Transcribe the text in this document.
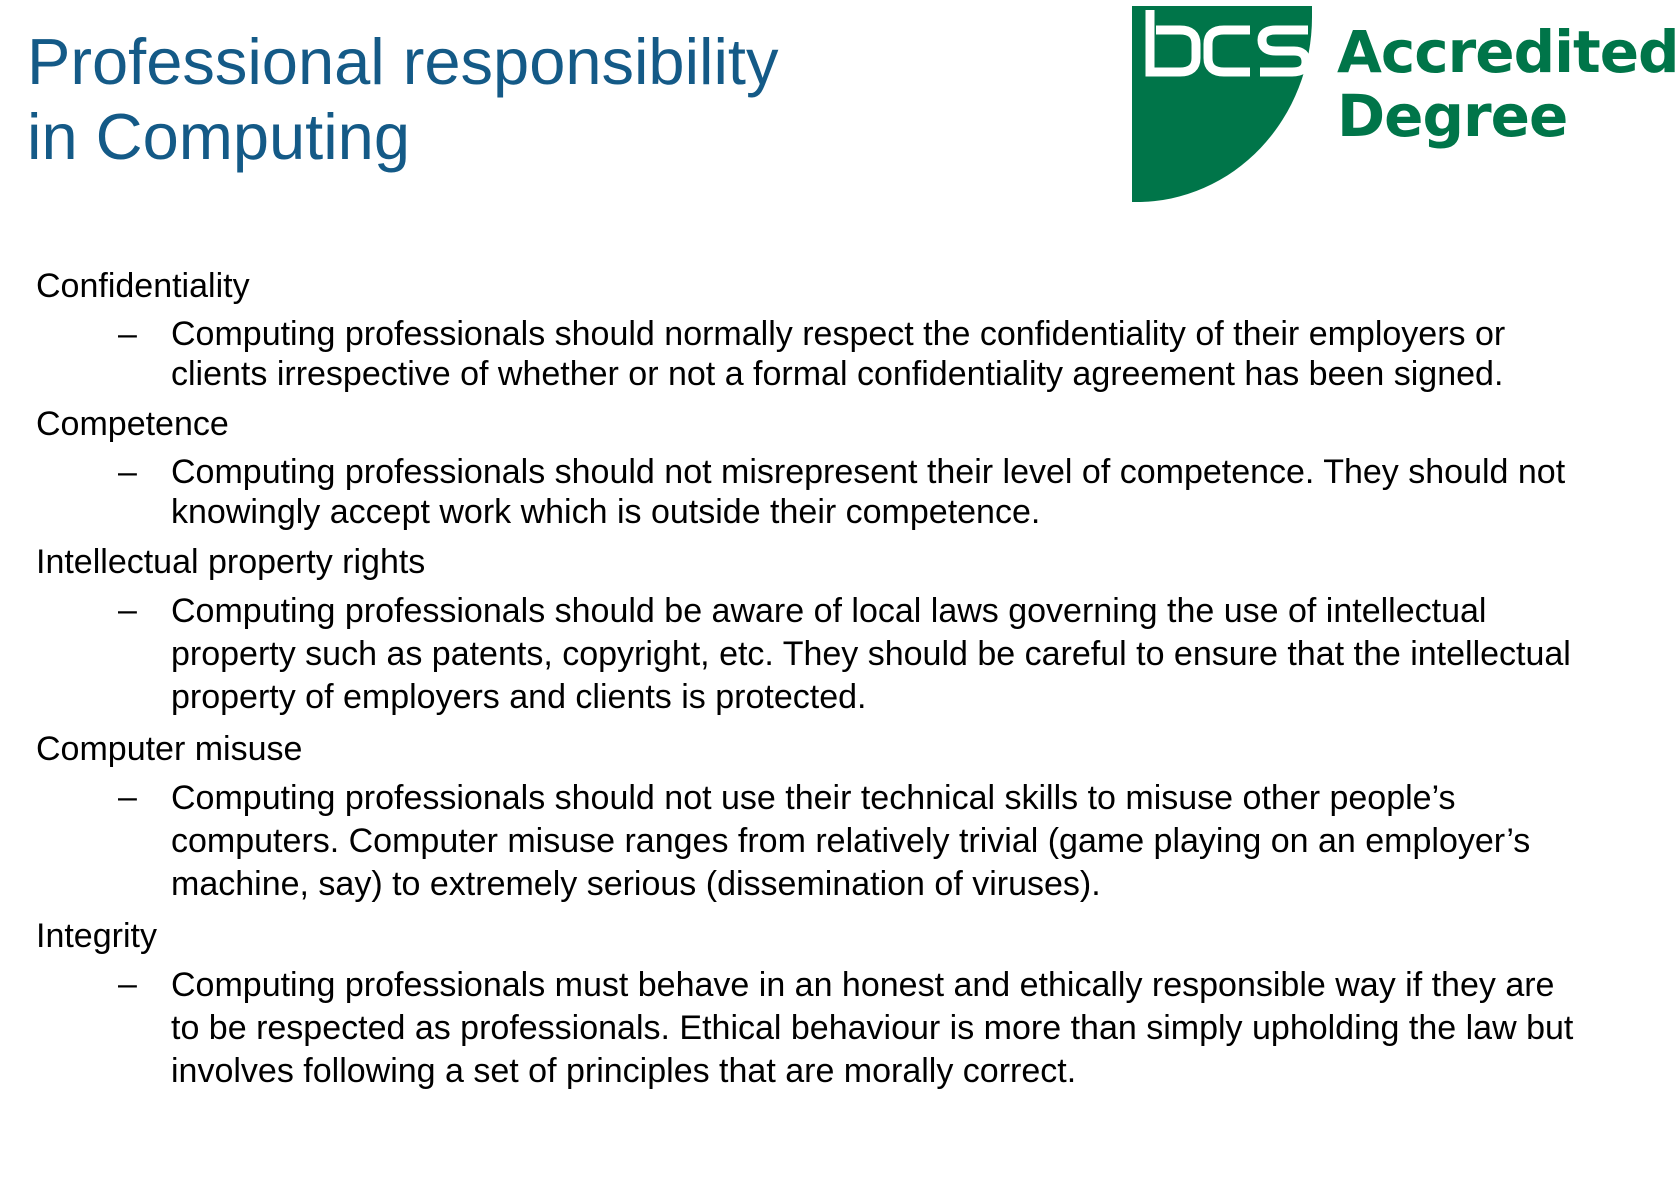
Professional responsibility
in Computing
Accredited
Degree

Confidentiality

– Computing professionals should normally respect the confidentiality of their employers or clients irrespective of whether or not a formal confidentiality agreement has been signed.

Competence

– Computing professionals should not misrepresent their level of competence. They should not knowingly accept work which is outside their competence.

Intellectual property rights

– Computing professionals should be aware of local laws governing the use of intellectual property such as patents, copyright, etc. They should be careful to ensure that the intellectual property of employers and clients is protected.

Computer misuse

– Computing professionals should not use their technical skills to misuse other people’s computers. Computer misuse ranges from relatively trivial (game playing on an employer’s machine, say) to extremely serious (dissemination of viruses).

Integrity

– Computing professionals must behave in an honest and ethically responsible way if they are to be respected as professionals. Ethical behaviour is more than simply upholding the law but involves following a set of principles that are morally correct.
